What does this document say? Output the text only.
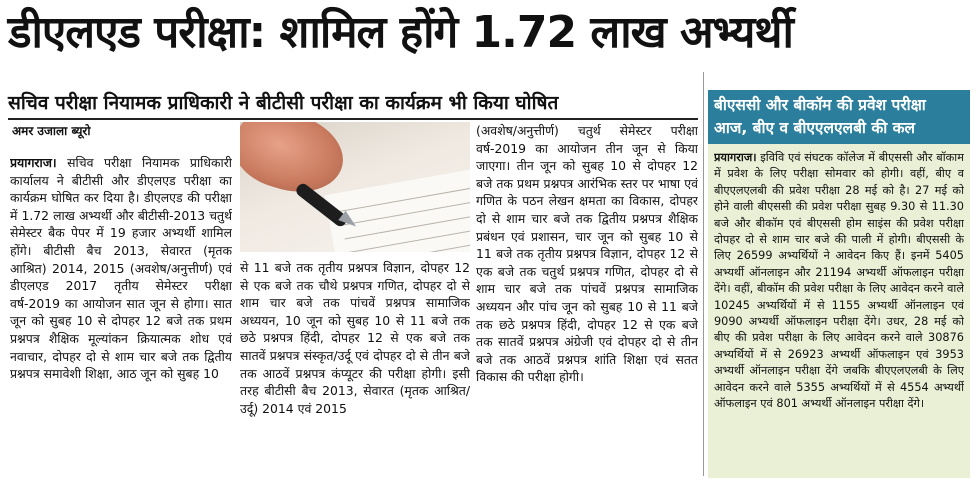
डीएलएड परीक्षा: शामिल होंगे 1.72 लाख अभ्यर्थी
सचिव परीक्षा नियामक प्राधिकारी ने बीटीसी परीक्षा का कार्यक्रम भी किया घोषित
अमर उजाला ब्यूरो
प्रयागराज। सचिव परीक्षा नियामक प्राधिकारी कार्यालय ने बीटीसी और डीएलएड परीक्षा का कार्यक्रम घोषित कर दिया है। डीएलएड की परीक्षा में 1.72 लाख अभ्यर्थी और बीटीसी-2013 चतुर्थ सेमेस्टर बैक पेपर में 19 हजार अभ्यर्थी शामिल होंगे। बीटीसी बैच 2013, सेवारत (मृतक आश्रित) 2014, 2015 (अवशेष/अनुत्तीर्ण) एवं डीएलएड 2017 तृतीय सेमेस्टर परीक्षा वर्ष-2019 का आयोजन सात जून से होगा। सात जून को सुबह 10 से दोपहर 12 बजे तक प्रथम प्रश्नपत्र शैक्षिक मूल्यांकन क्रियात्मक शोध एवं नवाचार, दोपहर दो से शाम चार बजे तक द्वितीय प्रश्नपत्र समावेशी शिक्षा, आठ जून को सुबह 10
से 11 बजे तक तृतीय प्रश्नपत्र विज्ञान, दोपहर 12 से एक बजे तक चौथे प्रश्नपत्र गणित, दोपहर दो से शाम चार बजे तक पांचवें प्रश्नपत्र सामाजिक अध्ययन, 10 जून को सुबह 10 से 11 बजे तक छठे प्रश्नपत्र हिंदी, दोपहर 12 से एक बजे तक सातवें प्रश्नपत्र संस्कृत/उर्दू एवं दोपहर दो से तीन बजे तक आठवें प्रश्नपत्र कंप्यूटर की परीक्षा होगी। इसी तरह बीटीसी बैच 2013, सेवारत (मृतक आश्रित/उर्दू) 2014 एवं 2015
(अवशेष/अनुत्तीर्ण) चतुर्थ सेमेस्टर परीक्षा वर्ष-2019 का आयोजन तीन जून से किया जाएगा। तीन जून को सुबह 10 से दोपहर 12 बजे तक प्रथम प्रश्नपत्र आरंभिक स्तर पर भाषा एवं गणित के पठन लेखन क्षमता का विकास, दोपहर दो से शाम चार बजे तक द्वितीय प्रश्नपत्र शैक्षिक प्रबंधन एवं प्रशासन, चार जून को सुबह 10 से 11 बजे तक तृतीय प्रश्नपत्र विज्ञान, दोपहर 12 से एक बजे तक चतुर्थ प्रश्नपत्र गणित, दोपहर दो से शाम चार बजे तक पांचवें प्रश्नपत्र सामाजिक अध्ययन और पांच जून को सुबह 10 से 11 बजे तक छठे प्रश्नपत्र हिंदी, दोपहर 12 से एक बजे तक सातवें प्रश्नपत्र अंग्रेजी एवं दोपहर दो से तीन बजे तक आठवें प्रश्नपत्र शांति शिक्षा एवं सतत विकास की परीक्षा होगी।
बीएससी और बीकॉम की प्रवेश परीक्षा
आज, बीए व बीएएलएलबी की कल
प्रयागराज। इविवि एवं संघटक कॉलेज में बीएससी और बॉकाम में प्रवेश के लिए परीक्षा सोमवार को होगी। वहीं, बीए व बीएएलएलबी की प्रवेश परीक्षा 28 मई को है। 27 मई को होने वाली बीएससी की प्रवेश परीक्षा सुबह 9.30 से 11.30 बजे और बीकॉम एवं बीएससी होम साइंस की प्रवेश परीक्षा दोपहर दो से शाम चार बजे की पाली में होगी। बीएससी के लिए 26599 अभ्यर्थियों ने आवेदन किए हैं। इनमें 5405 अभ्यर्थी ऑनलाइन और 21194 अभ्यर्थी ऑफलाइन परीक्षा देंगे। वहीं, बीकॉम की प्रवेश परीक्षा के लिए आवेदन करने वाले 10245 अभ्यर्थियों में से 1155 अभ्यर्थी ऑनलाइन एवं 9090 अभ्यर्थी ऑफलाइन परीक्षा देंगे। उधर, 28 मई को बीए की प्रवेश परीक्षा के लिए आवेदन करने वाले 30876 अभ्यर्थियों में से 26923 अभ्यर्थी ऑफलाइन एवं 3953 अभ्यर्थी ऑनलाइन परीक्षा देंगे जबकि बीएएलएलबी के लिए आवेदन करने वाले 5355 अभ्यर्थियों में से 4554 अभ्यर्थी ऑफलाइन एवं 801 अभ्यर्थी ऑनलाइन परीक्षा देंगे।
